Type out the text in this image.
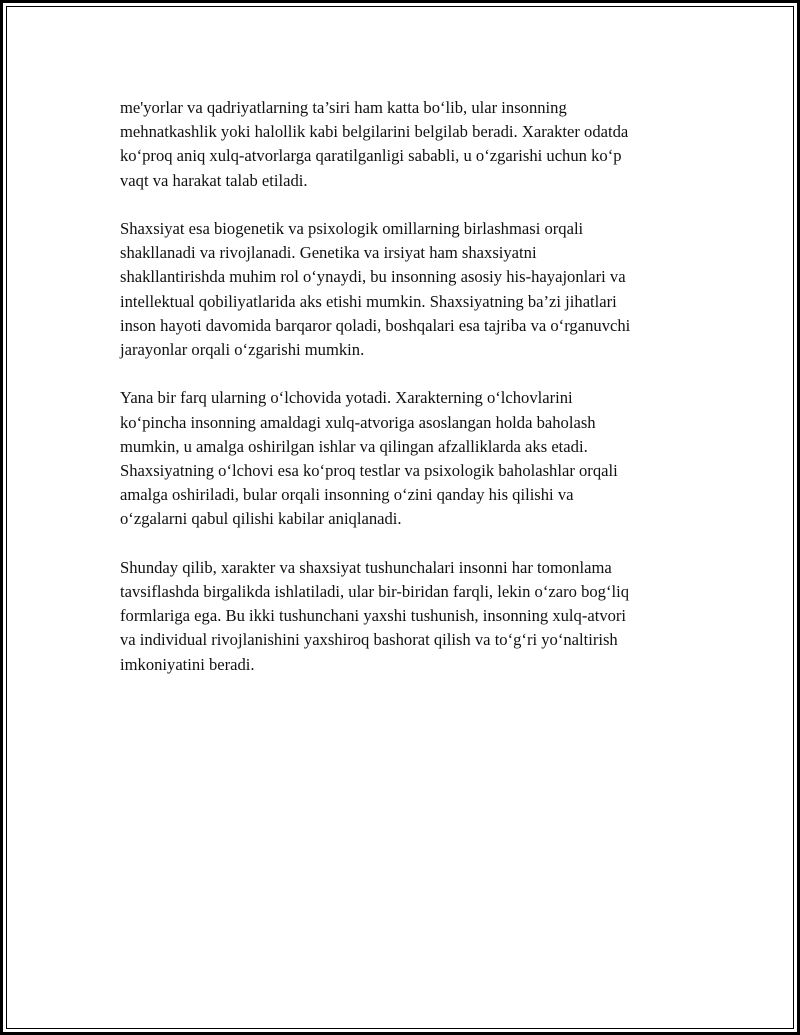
me'yorlar va qadriyatlarning ta’siri ham katta bo‘lib, ular insonning
mehnatkashlik yoki halollik kabi belgilarini belgilab beradi. Xarakter odatda
ko‘proq aniq xulq-atvorlarga qaratilganligi sababli, u o‘zgarishi uchun ko‘p
vaqt va harakat talab etiladi.

Shaxsiyat esa biogenetik va psixologik omillarning birlashmasi orqali
shakllanadi va rivojlanadi. Genetika va irsiyat ham shaxsiyatni
shakllantirishda muhim rol o‘ynaydi, bu insonning asosiy his-hayajonlari va
intellektual qobiliyatlarida aks etishi mumkin. Shaxsiyatning ba’zi jihatlari
inson hayoti davomida barqaror qoladi, boshqalari esa tajriba va o‘rganuvchi
jarayonlar orqali o‘zgarishi mumkin.

Yana bir farq ularning o‘lchovida yotadi. Xarakterning o‘lchovlarini
ko‘pincha insonning amaldagi xulq-atvoriga asoslangan holda baholash
mumkin, u amalga oshirilgan ishlar va qilingan afzalliklarda aks etadi.
Shaxsiyatning o‘lchovi esa ko‘proq testlar va psixologik baholashlar orqali
amalga oshiriladi, bular orqali insonning o‘zini qanday his qilishi va
o‘zgalarni qabul qilishi kabilar aniqlanadi.

Shunday qilib, xarakter va shaxsiyat tushunchalari insonni har tomonlama
tavsiflashda birgalikda ishlatiladi, ular bir-biridan farqli, lekin o‘zaro bog‘liq
formlariga ega. Bu ikki tushunchani yaxshi tushunish, insonning xulq-atvori
va individual rivojlanishini yaxshiroq bashorat qilish va to‘g‘ri yo‘naltirish
imkoniyatini beradi.
